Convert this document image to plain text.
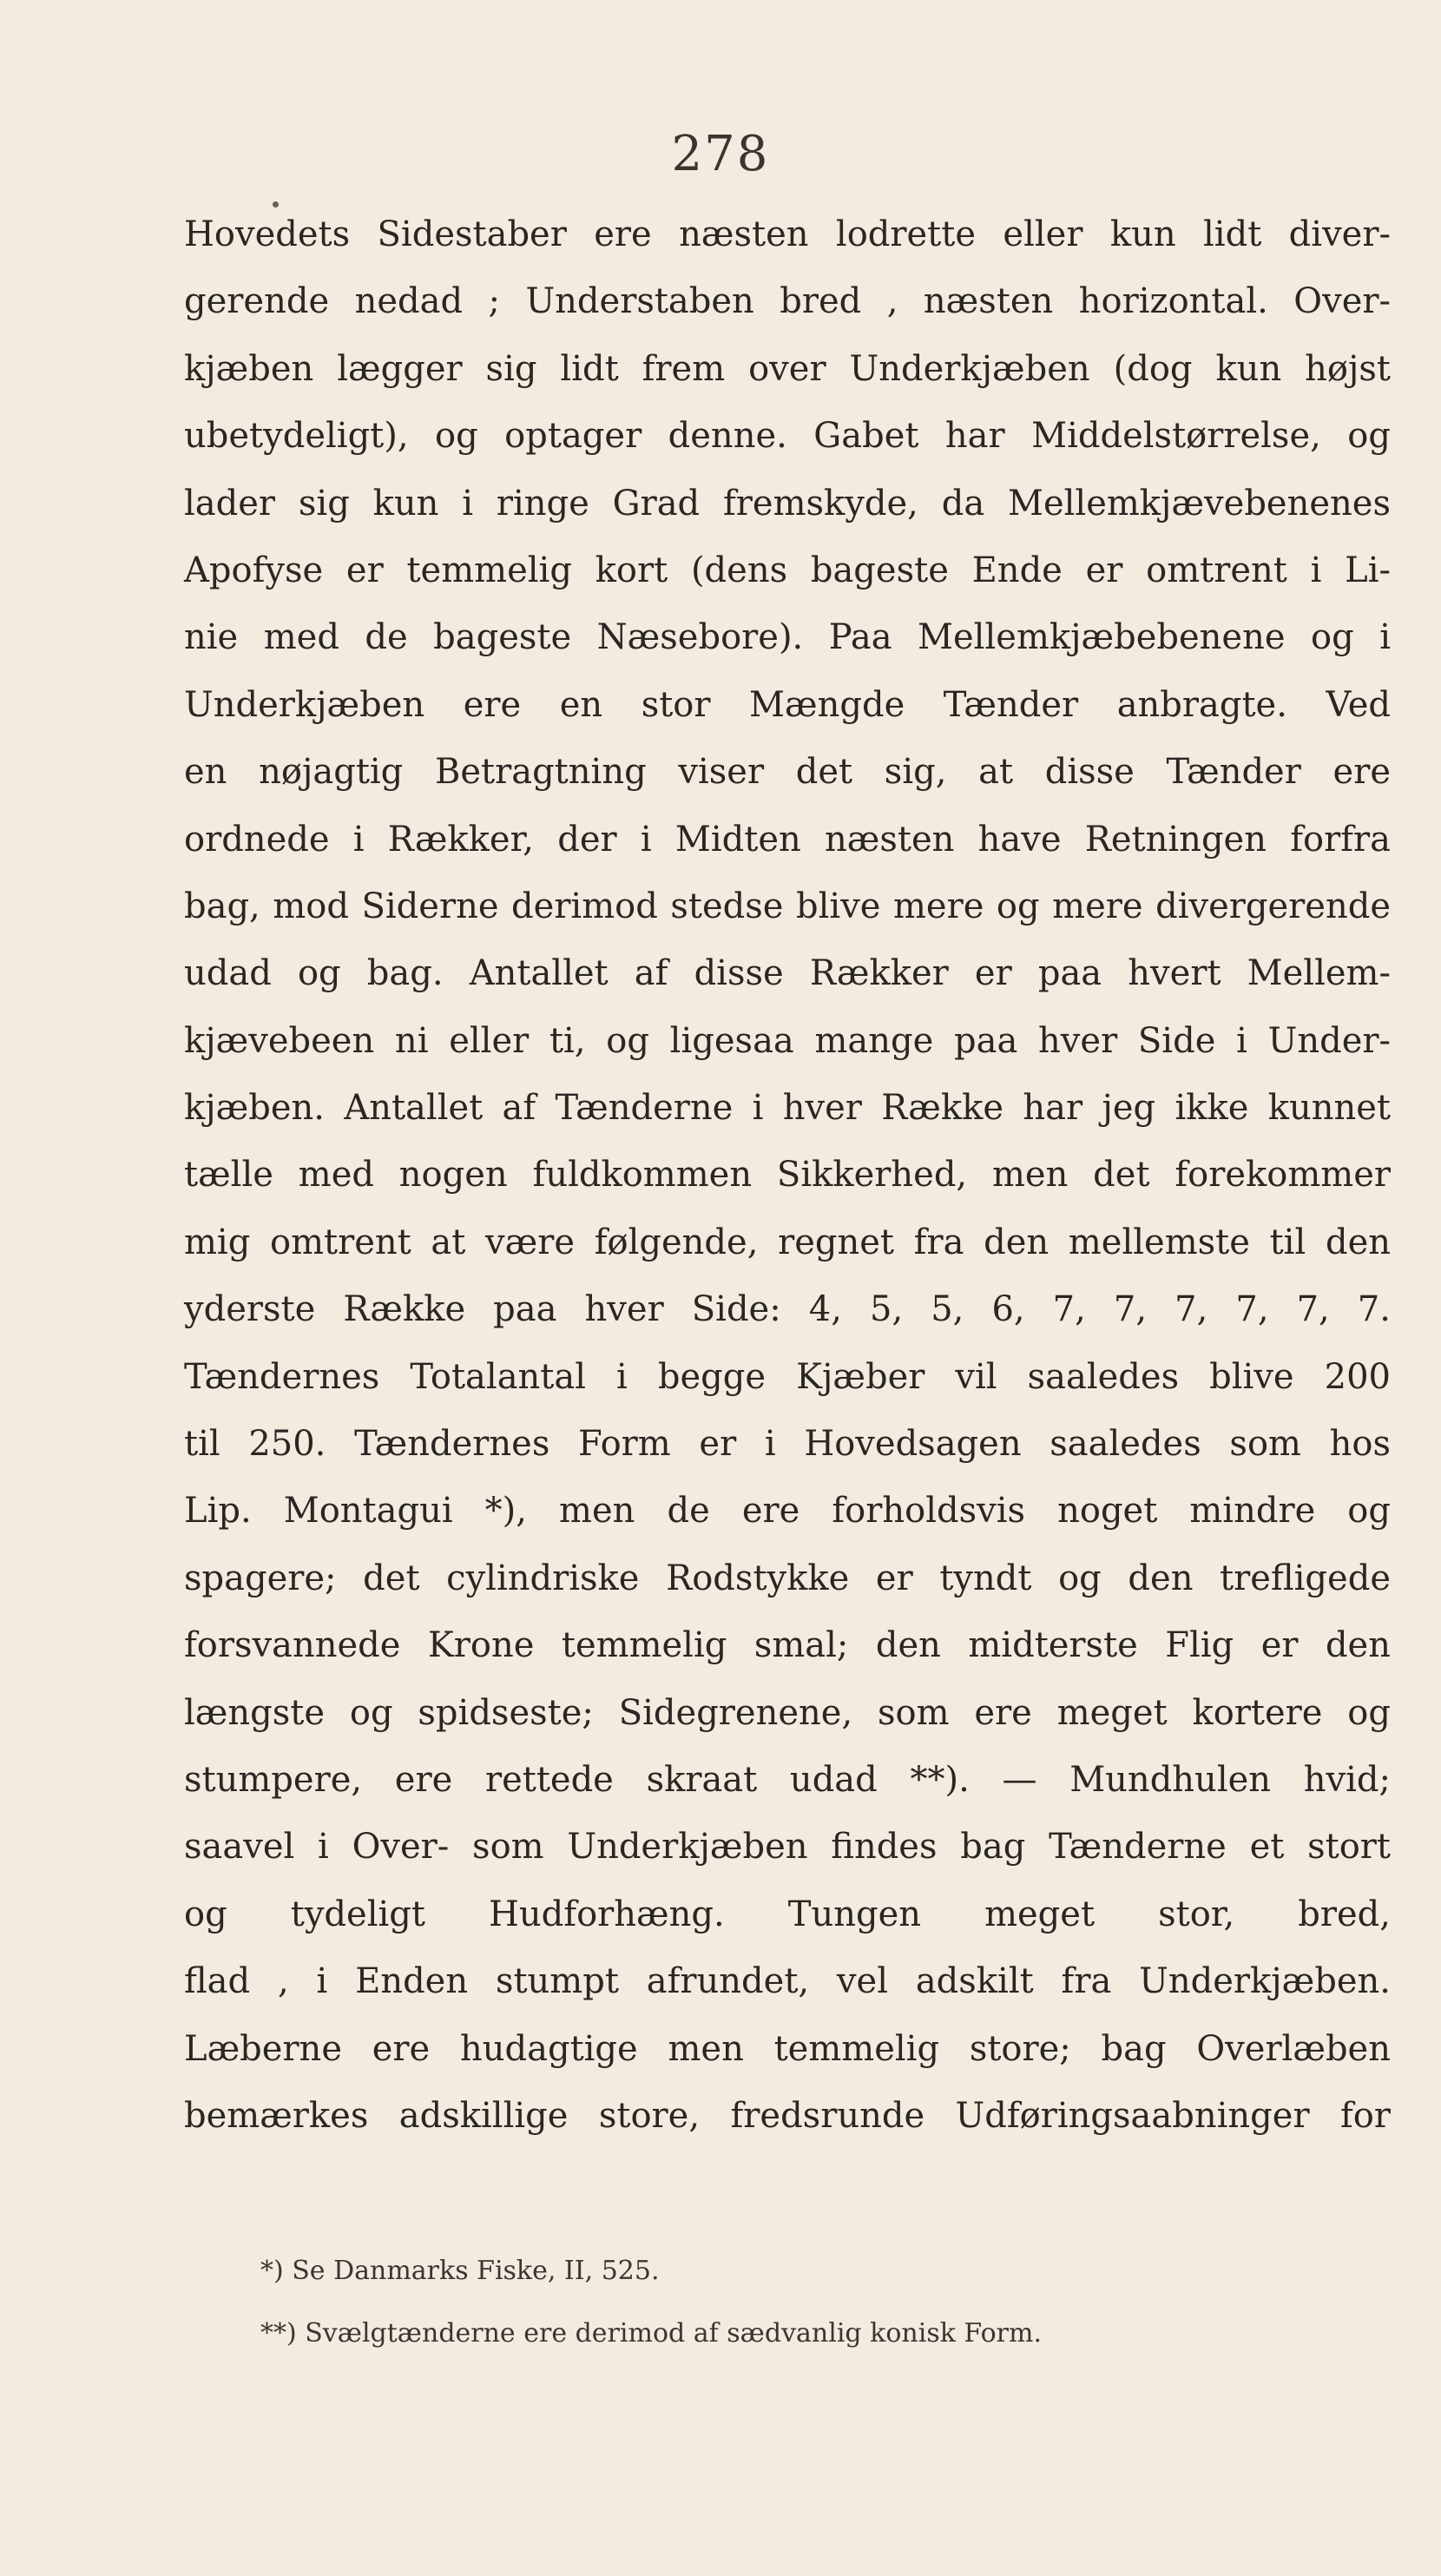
278
Hovedets Sidestaber ere næsten lodrette eller kun lidt diver-
gerende nedad ; Understaben bred , næsten horizontal. Over-
kjæben lægger sig lidt frem over Underkjæben (dog kun højst
ubetydeligt), og optager denne. Gabet har Middelstørrelse, og
lader sig kun i ringe Grad fremskyde, da Mellemkjævebenenes
Apofyse er temmelig kort (dens bageste Ende er omtrent i Li-
nie med de bageste Næsebore). Paa Mellemkjæbebenene og i
Underkjæben ere en stor Mængde Tænder anbragte. Ved
en nøjagtig Betragtning viser det sig, at disse Tænder ere
ordnede i Rækker, der i Midten næsten have Retningen forfra
bag, mod Siderne derimod stedse blive mere og mere divergerende
udad og bag. Antallet af disse Rækker er paa hvert Mellem-
kjævebeen ni eller ti, og ligesaa mange paa hver Side i Under-
kjæben. Antallet af Tænderne i hver Række har jeg ikke kunnet
tælle med nogen fuldkommen Sikkerhed, men det forekommer
mig omtrent at være følgende, regnet fra den mellemste til den
yderste Række paa hver Side: 4, 5, 5, 6, 7, 7, 7, 7, 7, 7.
Tændernes Totalantal i begge Kjæber vil saaledes blive 200
til 250. Tændernes Form er i Hovedsagen saaledes som hos
Lip. Montagui *), men de ere forholdsvis noget mindre og
spagere; det cylindriske Rodstykke er tyndt og den trefligede
forsvannede Krone temmelig smal; den midterste Flig er den
længste og spidseste; Sidegrenene, som ere meget kortere og
stumpere, ere rettede skraat udad **). — Mundhulen hvid;
saavel i Over- som Underkjæben findes bag Tænderne et stort
og tydeligt Hudforhæng. Tungen meget stor, bred,
flad , i Enden stumpt afrundet, vel adskilt fra Underkjæben.
Læberne ere hudagtige men temmelig store; bag Overlæben
bemærkes adskillige store, fredsrunde Udføringsaabninger for
*) Se Danmarks Fiske, II, 525.
**) Svælgtænderne ere derimod af sædvanlig konisk Form.
